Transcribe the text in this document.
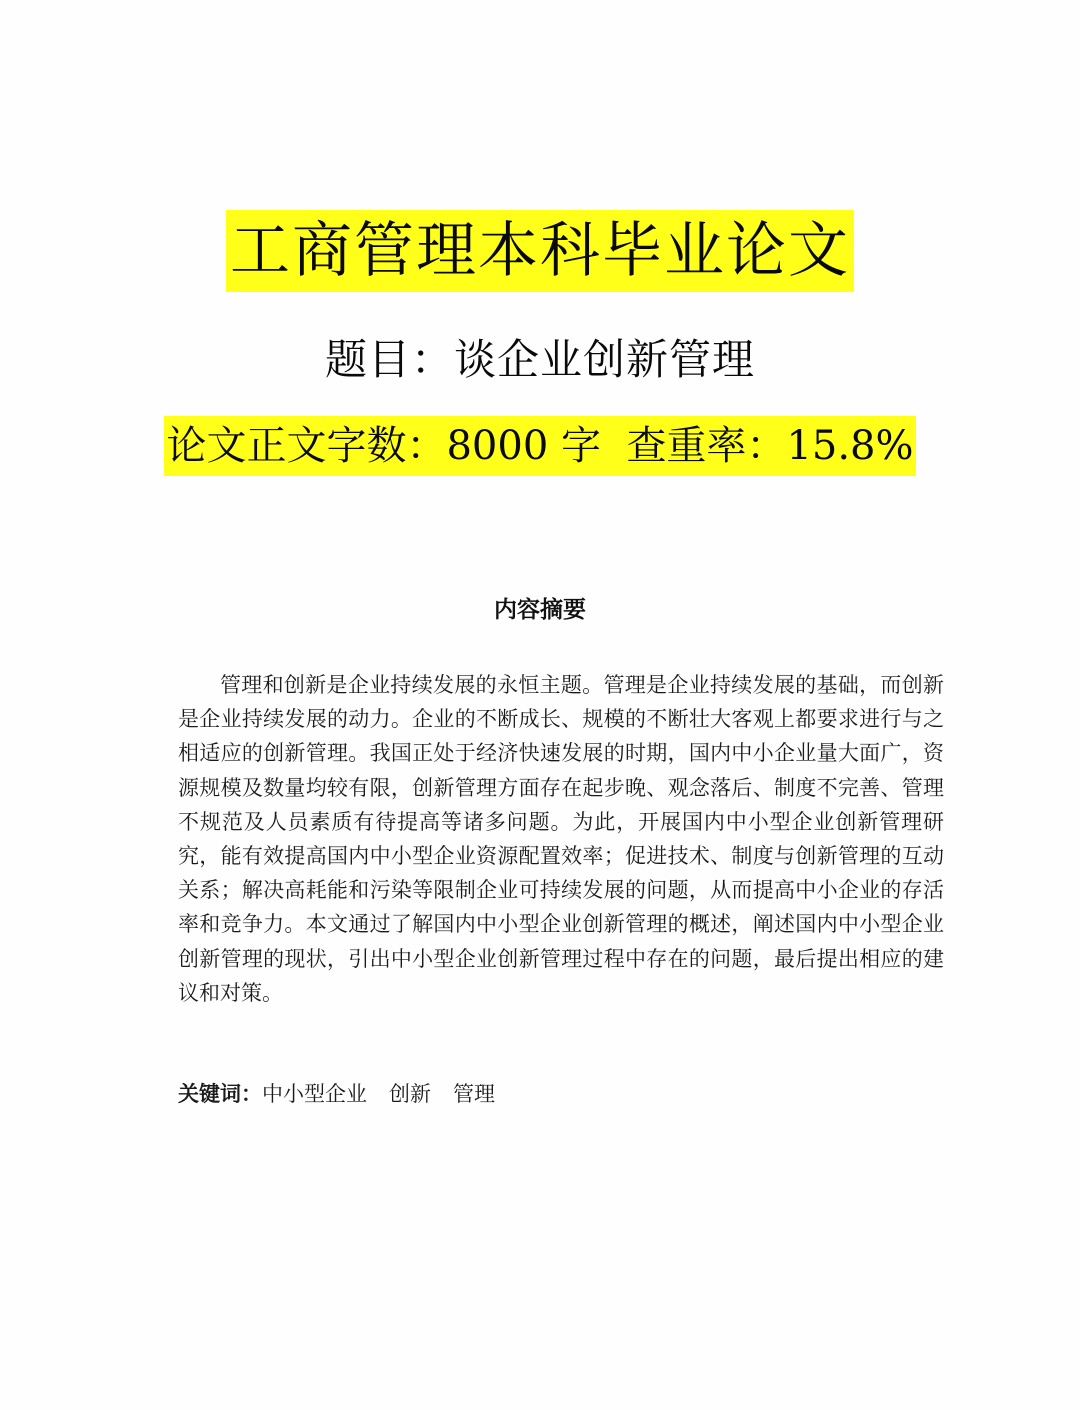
工商管理本科毕业论文
题目：谈企业创新管理
论文正文字数：8000 字 查重率：15.8%
内容摘要

管理和创新是企业持续发展的永恒主题。管理是企业持续发展的基础，而创新是企业持续发展的动力。企业的不断成长、规模的不断壮大客观上都要求进行与之相适应的创新管理。我国正处于经济快速发展的时期，国内中小企业量大面广，资源规模及数量均较有限，创新管理方面存在起步晚、观念落后、制度不完善、管理不规范及人员素质有待提高等诸多问题。为此，开展国内中小型企业创新管理研究，能有效提高国内中小型企业资源配置效率；促进技术、制度与创新管理的互动关系；解决高耗能和污染等限制企业可持续发展的问题，从而提高中小企业的存活率和竞争力。本文通过了解国内中小型企业创新管理的概述，阐述国内中小型企业创新管理的现状，引出中小型企业创新管理过程中存在的问题，最后提出相应的建议和对策。

关键词：中小型企业 创新 管理
